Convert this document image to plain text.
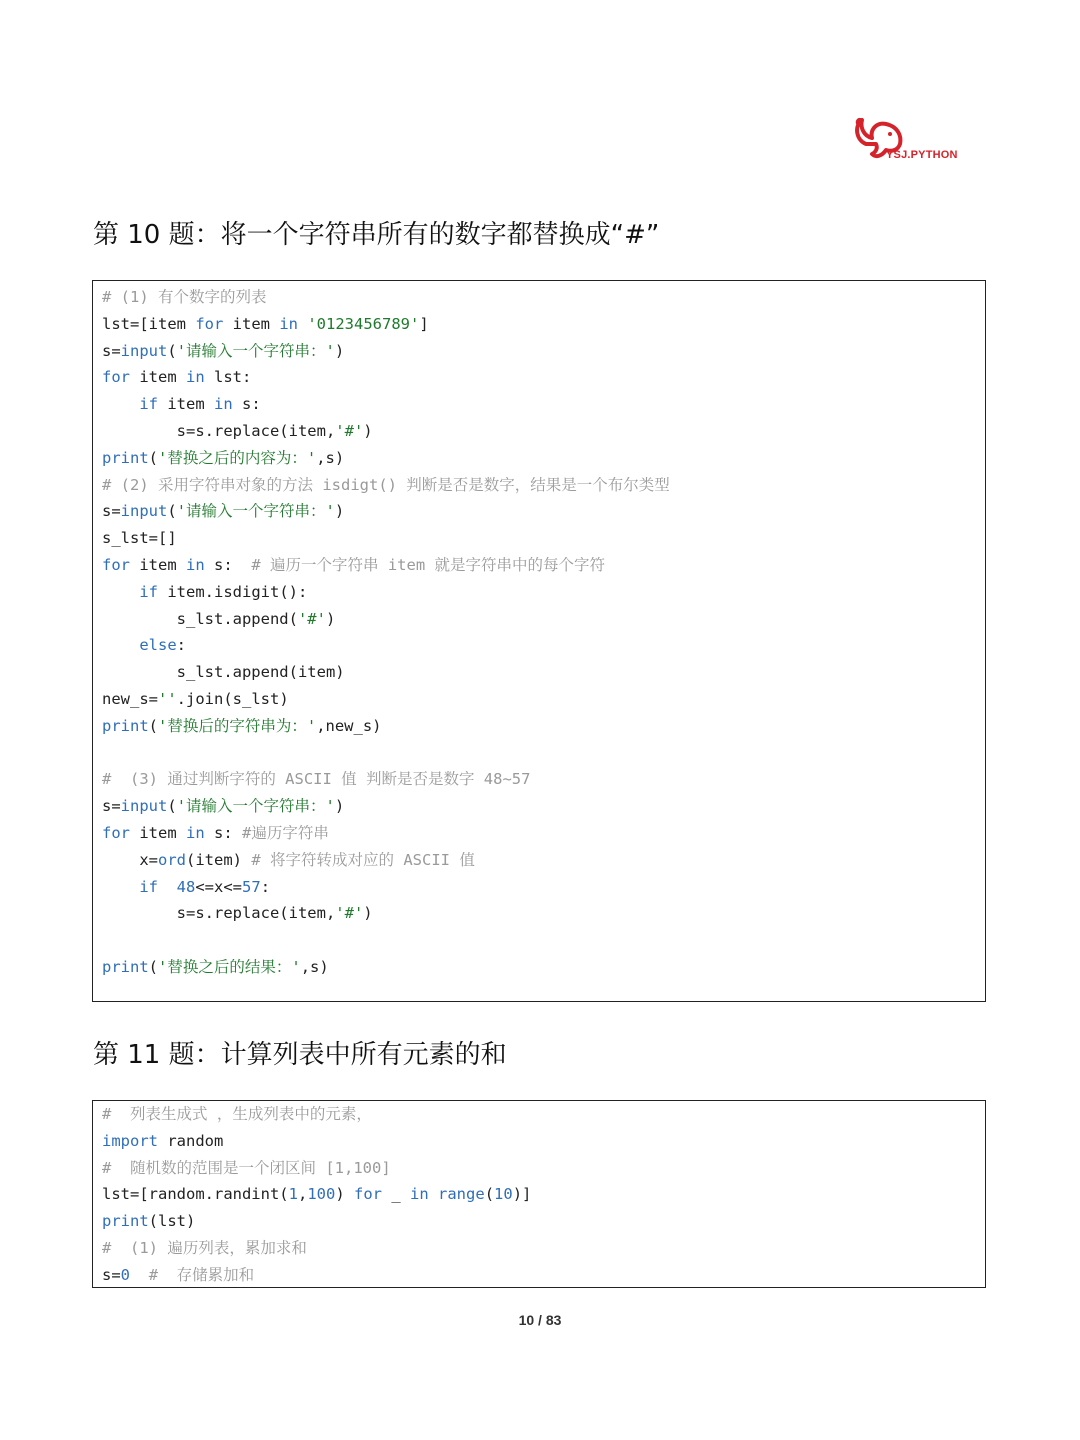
YSJ.PYTHON
第 10 题：将一个字符串所有的数字都替换成“#”
# (1) 有个数字的列表
lst=[item for item in '0123456789']
s=input('请输入一个字符串：')
for item in lst:
if item in s:
s=s.replace(item,'#')
print('替换之后的内容为：',s)
# (2) 采用字符串对象的方法 isdigt() 判断是否是数字，结果是一个布尔类型
s=input('请输入一个字符串：')
s_lst=[]
for item in s:  # 遍历一个字符串 item 就是字符串中的每个字符
if item.isdigit():
s_lst.append('#')
else:
s_lst.append(item)
new_s=''.join(s_lst)
print('替换后的字符串为：',new_s)
#  (3) 通过判断字符的 ASCII 值 判断是否是数字 48~57
s=input('请输入一个字符串：')
for item in s: #遍历字符串
x=ord(item) # 将字符转成对应的 ASCII 值
if 48<=x<=57:
s=s.replace(item,'#')
print('替换之后的结果：',s)
第 11 题：计算列表中所有元素的和
#  列表生成式 ，生成列表中的元素，
import random
#  随机数的范围是一个闭区间 [1,100]
lst=[random.randint(1,100) for _ in range(10)]
print(lst)
#  (1) 遍历列表，累加求和
s=0 #  存储累加和
10 / 83
